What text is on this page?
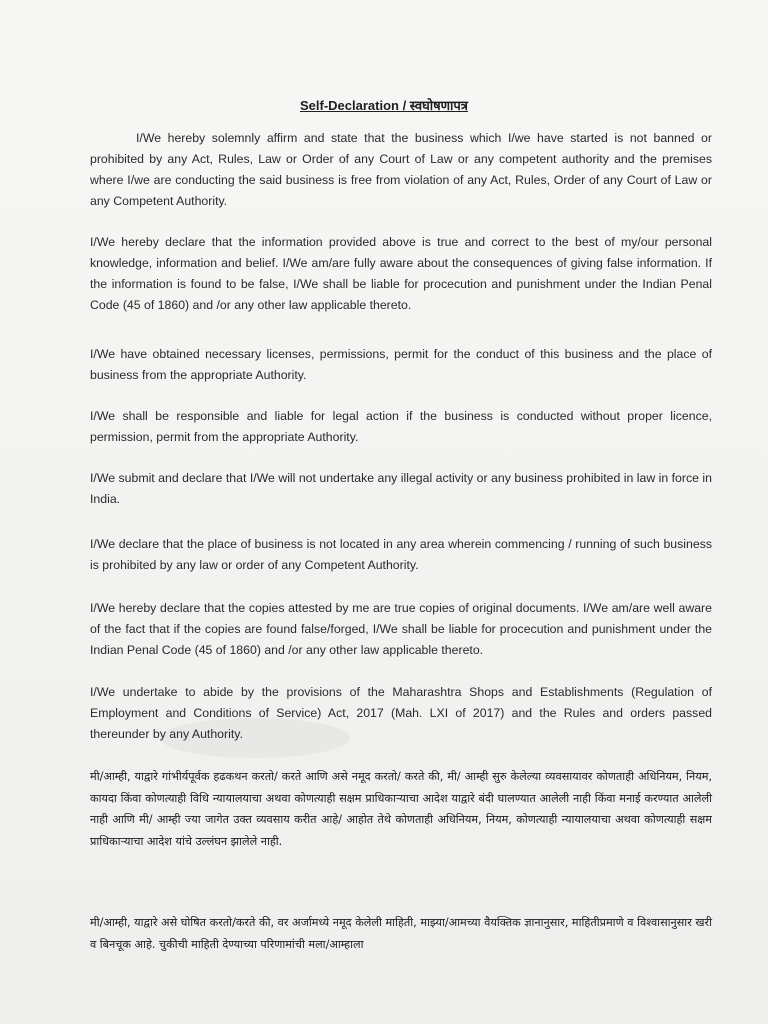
Self-Declaration / स्वघोषणापत्र

I/We hereby solemnly affirm and state that the business which I/we have started is not banned or prohibited by any Act, Rules, Law or Order of any Court of Law or any competent authority and the premises where I/we are conducting the said business is free from violation of any Act, Rules, Order of any Court of Law or any Competent Authority.

I/We hereby declare that the information provided above is true and correct to the best of my/our personal knowledge, information and belief. I/We am/are fully aware about the consequences of giving false information. If the information is found to be false, I/We shall be liable for procecution and punishment under the Indian Penal Code (45 of 1860) and /or any other law applicable thereto.

I/We have obtained necessary licenses, permissions, permit for the conduct of this business and the place of business from the appropriate Authority.

I/We shall be responsible and liable for legal action if the business is conducted without proper licence, permission, permit from the appropriate Authority.

I/We submit and declare that I/We will not undertake any illegal activity or any business prohibited in law in force in India.

I/We declare that the place of business is not located in any area wherein commencing / running of such business is prohibited by any law or order of any Competent Authority.

I/We hereby declare that the copies attested by me are true copies of original documents. I/We am/are well aware of the fact that if the copies are found false/forged, I/We shall be liable for procecution and punishment under the Indian Penal Code (45 of 1860) and /or any other law applicable thereto.

I/We undertake to abide by the provisions of the Maharashtra Shops and Establishments (Regulation of Employment and Conditions of Service) Act, 2017 (Mah. LXI of 2017) and the Rules and orders passed thereunder by any Authority.

मी/आम्ही, याद्वारे गांभीर्यपूर्वक हढकथन करतो/ करते आणि असे नमूद करतो/ करते की, मी/ आम्ही सुरु केलेल्या व्यवसायावर कोणताही अधिनियम, नियम, कायदा किंवा कोणत्याही विधि न्यायालयाचा अथवा कोणत्याही सक्षम प्राधिकाऱ्याचा आदेश याद्वारे बंदी घालण्यात आलेली नाही किंवा मनाई करण्यात आलेली नाही आणि मी/ आम्ही ज्या जागेत उक्त व्यवसाय करीत आहे/ आहोत तेथे कोणताही अधिनियम, नियम, कोणत्याही न्यायालयाचा अथवा कोणत्याही सक्षम प्राधिकाऱ्याचा आदेश यांचे उल्लंघन झालेले नाही.

मी/आम्ही, याद्वारे असे घोषित करतो/करते की, वर अर्जामध्ये नमूद केलेली माहिती, माझ्या/आमच्या वैयक्तिक ज्ञानानुसार, माहितीप्रमाणे व विश्वासानुसार खरी व बिनचूक आहे. चुकीची माहिती देण्याच्या परिणामांची मला/आम्हाला
